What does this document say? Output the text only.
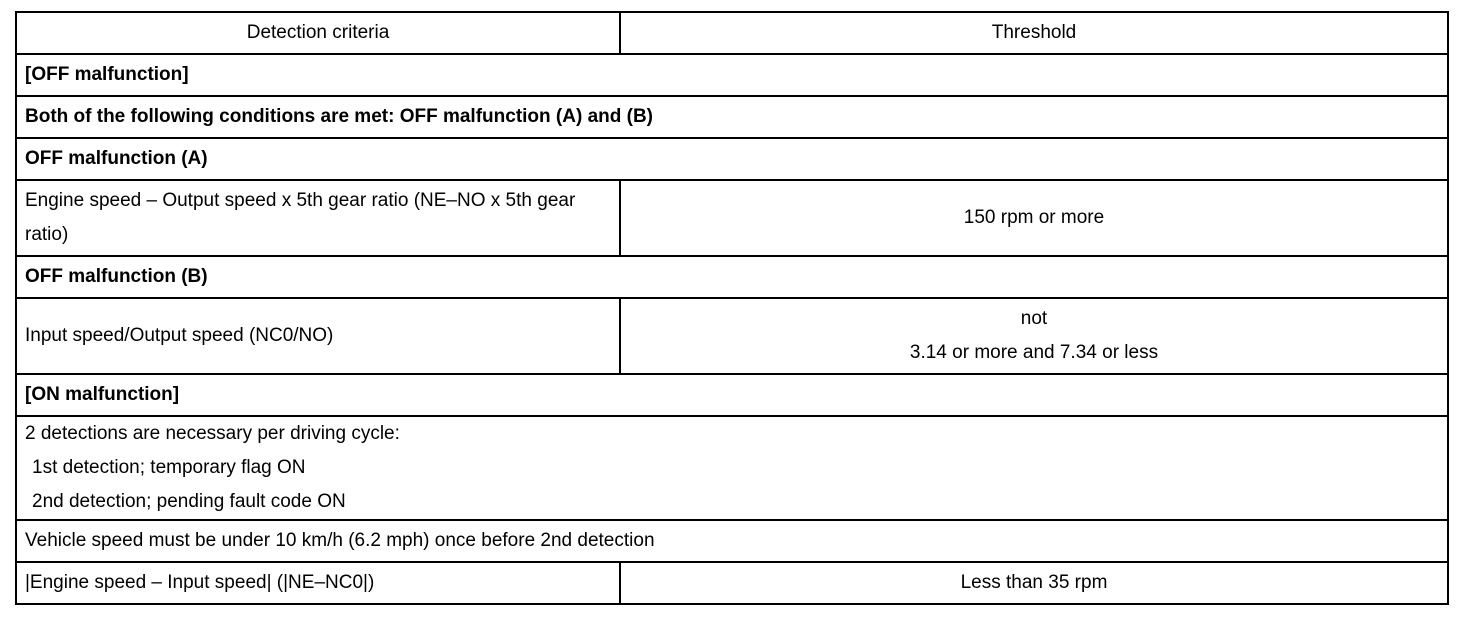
Detection criteria	Threshold
[OFF malfunction]	
Both of the following conditions are met: OFF malfunction (A) and (B)	
OFF malfunction (A)	
Engine speed – Output speed x 5th gear ratio (NE–NO x 5th gear ratio)	150 rpm or more
OFF malfunction (B)	
Input speed/Output speed (NC0/NO)	not
3.14 or more and 7.34 or less

[ON malfunction]	

2 detections are necessary per driving cycle:
1st detection; temporary flag ON
2nd detection; pending fault code ON	

Vehicle speed must be under 10 km/h (6.2 mph) once before 2nd detection	
|Engine speed – Input speed| (|NE–NC0|)	Less than 35 rpm
